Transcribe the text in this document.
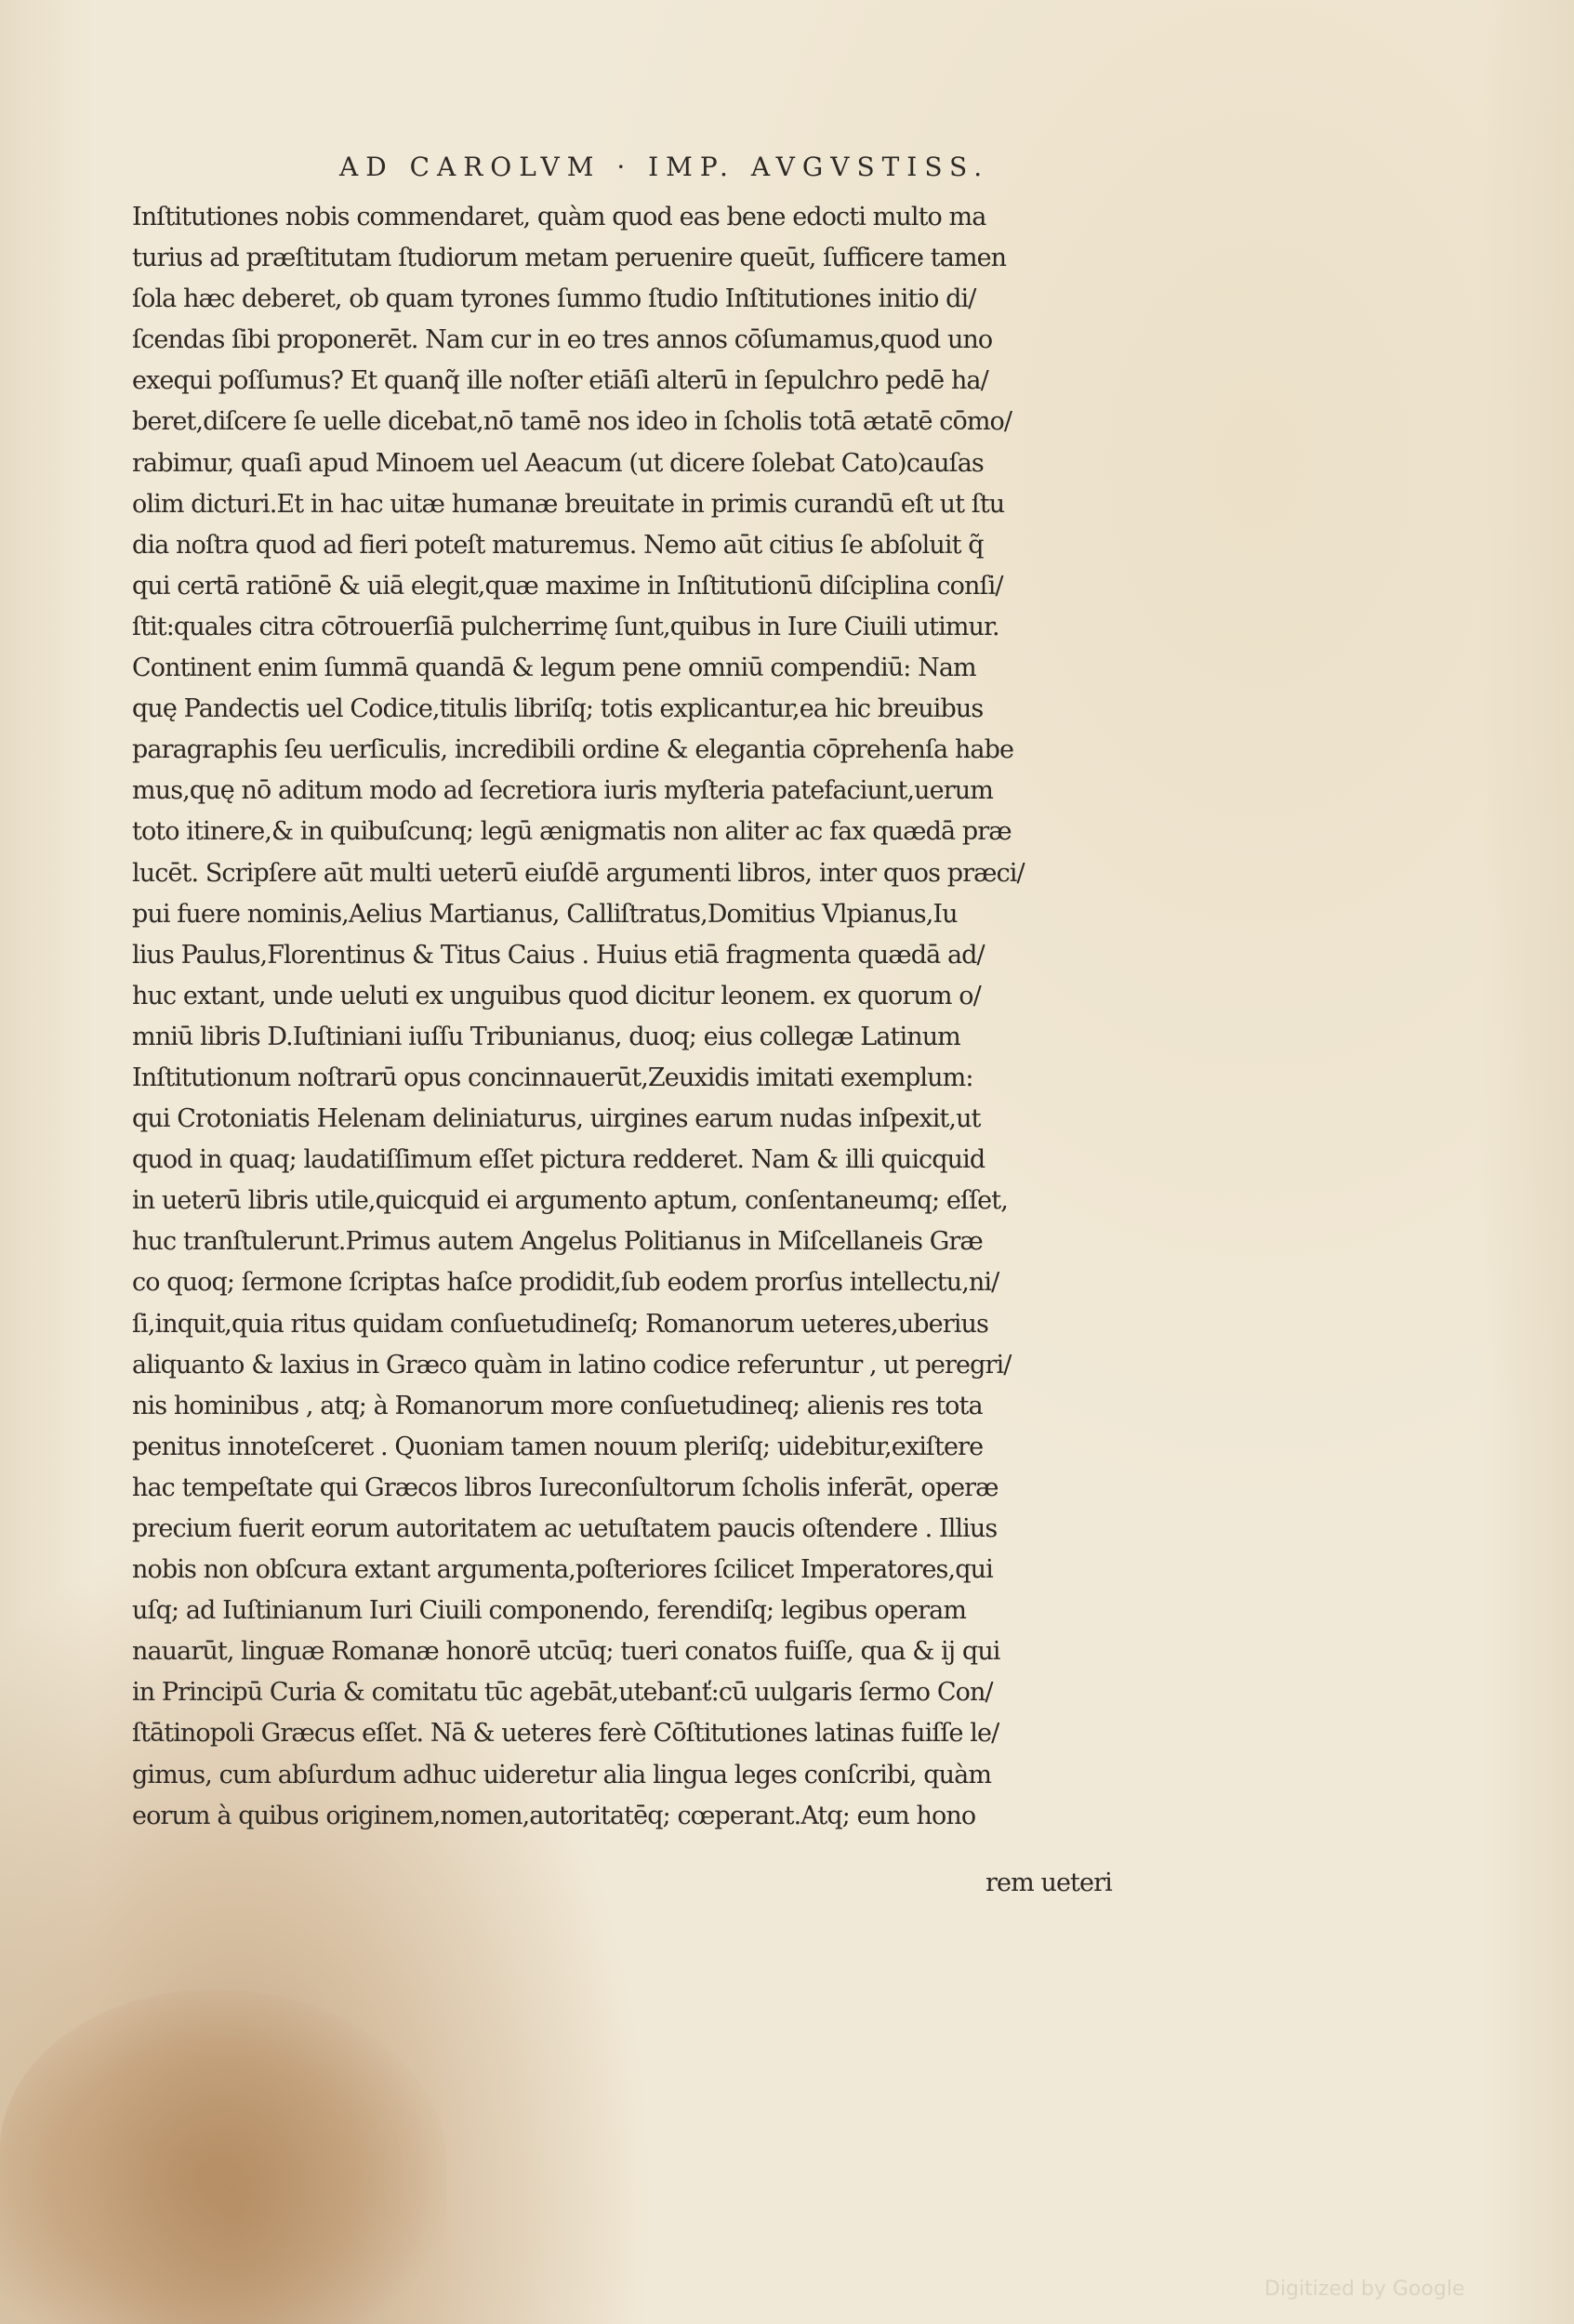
AD CAROLVM · IMP. AVGVSTISS.
Inſtitutiones nobis commendaret, quàm quod eas bene edocti multo ma
turius ad præſtitutam ſtudiorum metam peruenire queūt, ſufficere tamen
ſola hæc deberet, ob quam tyrones ſummo ſtudio Inſtitutiones initio di/
ſcendas ſibi proponerēt. Nam cur in eo tres annos cōſumamus,quod uno
exequi poſſumus? Et quanq̃ ille noſter etiāſi alterū in ſepulchro pedē ha/
beret,diſcere ſe uelle dicebat,nō tamē nos ideo in ſcholis totā ætatē cōmo/
rabimur, quaſi apud Minoem uel Aeacum (ut dicere ſolebat Cato)cauſas
olim dicturi.Et in hac uitæ humanæ breuitate in primis curandū eſt ut ſtu
dia noſtra quod ad fieri poteſt maturemus. Nemo aūt citius ſe abſoluit q̃
qui certā ratiōnē & uiā elegit,quæ maxime in Inſtitutionū diſciplina conſi/
ſtit:quales citra cōtrouerſiā pulcherrimę ſunt,quibus in Iure Ciuili utimur.
Continent enim ſummā quandā & legum pene omniū compendiū: Nam
quę Pandectis uel Codice,titulis libriſq; totis explicantur,ea hic breuibus
paragraphis ſeu uerſiculis, incredibili ordine & elegantia cōprehenſa habe
mus,quę nō aditum modo ad ſecretiora iuris myſteria patefaciunt,uerum
toto itinere,& in quibuſcunq; legū ænigmatis non aliter ac fax quædā præ
lucēt. Scripſere aūt multi ueterū eiuſdē argumenti libros, inter quos præci/
pui fuere nominis,Aelius Martianus, Calliſtratus,Domitius Vlpianus,Iu
lius Paulus,Florentinus & Titus Caius . Huius etiā fragmenta quædā ad/
huc extant, unde ueluti ex unguibus quod dicitur leonem. ex quorum o/
mniū libris D.Iuſtiniani iuſſu Tribunianus, duoq; eius collegæ Latinum
Inſtitutionum noſtrarū opus concinnauerūt,Zeuxidis imitati exemplum:
qui Crotoniatis Helenam deliniaturus, uirgines earum nudas inſpexit,ut
quod in quaq; laudatiſſimum eſſet pictura redderet. Nam & illi quicquid
in ueterū libris utile,quicquid ei argumento aptum, conſentaneumq; eſſet,
huc tranſtulerunt.Primus autem Angelus Politianus in Miſcellaneis Græ
co quoq; ſermone ſcriptas haſce prodidit,ſub eodem prorſus intellectu,ni/
ſi,inquit,quia ritus quidam conſuetudineſq; Romanorum ueteres,uberius
aliquanto & laxius in Græco quàm in latino codice referuntur , ut peregri/
nis hominibus , atq; à Romanorum more conſuetudineq; alienis res tota
penitus innoteſceret . Quoniam tamen nouum pleriſq; uidebitur,exiſtere
hac tempeſtate qui Græcos libros Iureconſultorum ſcholis inferāt, operæ
precium fuerit eorum autoritatem ac uetuſtatem paucis oſtendere . Illius
nobis non obſcura extant argumenta,poſteriores ſcilicet Imperatores,qui
uſq; ad Iuſtinianum Iuri Ciuili componendo, ferendiſq; legibus operam
nauarūt, linguæ Romanæ honorē utcūq; tueri conatos fuiſſe, qua & ij qui
in Principū Curia & comitatu tūc agebāt,utebanť:cū uulgaris ſermo Con/
ſtātinopoli Græcus eſſet. Nā & ueteres ferè Cōſtitutiones latinas fuiſſe le/
gimus, cum abſurdum adhuc uideretur alia lingua leges conſcribi, quàm
eorum à quibus originem,nomen,autoritatēq; cœperant.Atq; eum hono
rem ueteri
Digitized by Google
